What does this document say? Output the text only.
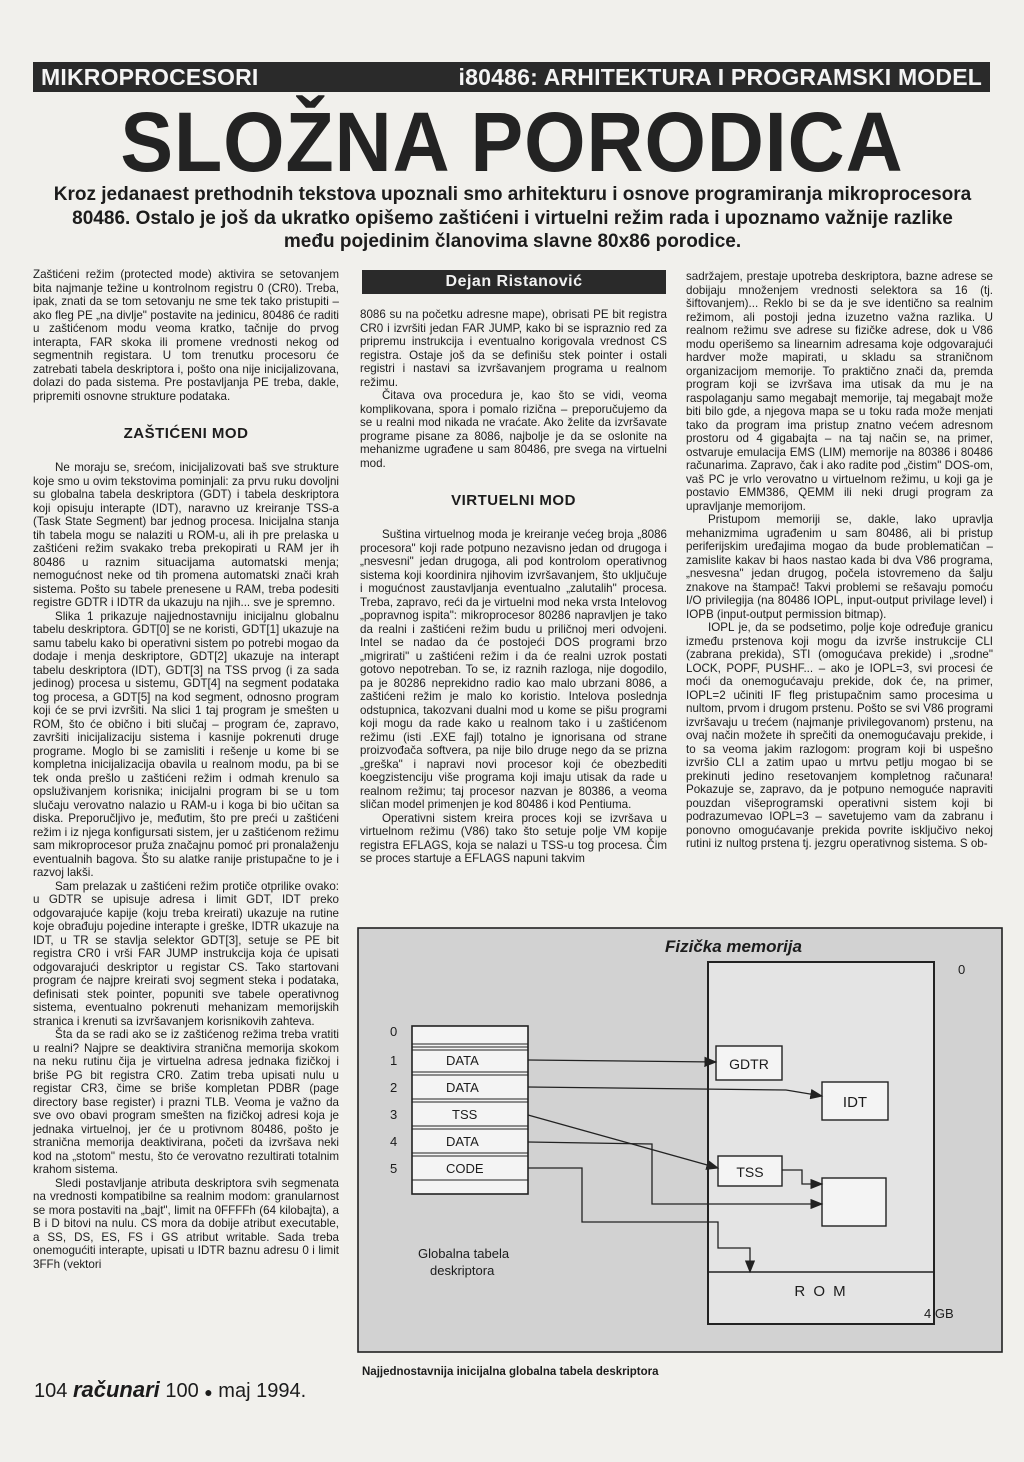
MIKROPROCESORI	i80486: ARHITEKTURA I PROGRAMSKI MODEL
SLOŽNA PORODICA
Kroz jedanaest prethodnih tekstova upoznali smo arhitekturu i osnove programiranja mikroprocesora 80486. Ostalo je još da ukratko opišemo zaštićeni i virtuelni režim rada i upoznamo važnije razlike među pojedinim članovima slavne 80x86 porodice.

Zaštićeni režim (protected mode) aktivira se setovanjem bita najmanje težine u kontrolnom registru 0 (CR0). Treba, ipak, znati da se tom setovanju ne sme tek tako pristupiti – ako fleg PE „na divlje" postavite na jedinicu, 80486 će raditi u zaštićenom modu veoma kratko, tačnije do prvog interapta, FAR skoka ili promene vrednosti nekog od segmentnih registara. U tom trenutku procesoru će zatrebati tabela deskriptora i, pošto ona nije inicijalizovana, dolazi do pada sistema. Pre postavljanja PE treba, dakle, pripremiti osnovne strukture podataka.

ZAŠTIĆENI MOD

Ne moraju se, srećom, inicijalizovati baš sve strukture koje smo u ovim tekstovima pominjali: za prvu ruku dovoljni su globalna tabela deskriptora (GDT) i tabela deskriptora koji opisuju interapte (IDT), naravno uz kreiranje TSS-a (Task State Segment) bar jednog procesa. Inicijalna stanja tih tabela mogu se nalaziti u ROM-u, ali ih pre prelaska u zaštićeni režim svakako treba prekopirati u RAM jer ih 80486 u raznim situacijama automatski menja; nemogućnost neke od tih promena automatski znači krah sistema. Pošto su tabele prenesene u RAM, treba podesiti registre GDTR i IDTR da ukazuju na njih... sve je spremno.

Slika 1 prikazuje najjednostavniju inicijalnu globalnu tabelu deskriptora. GDT[0] se ne koristi, GDT[1] ukazuje na samu tabelu kako bi operativni sistem po potrebi mogao da dodaje i menja deskriptore, GDT[2] ukazuje na interapt tabelu deskriptora (IDT), GDT[3] na TSS prvog (i za sada jedinog) procesa u sistemu, GDT[4] na segment podataka tog procesa, a GDT[5] na kod segment, odnosno program koji će se prvi izvršiti. Na slici 1 taj program je smešten u ROM, što će obično i biti slučaj – program će, zapravo, završiti inicijalizaciju sistema i kasnije pokrenuti druge programe. Moglo bi se zamisliti i rešenje u kome bi se kompletna inicijalizacija obavila u realnom modu, pa bi se tek onda prešlo u zaštićeni režim i odmah krenulo sa opsluživanjem korisnika; inicijalni program bi se u tom slučaju verovatno nalazio u RAM-u i koga bi bio učitan sa diska. Preporučljivo je, međutim, što pre preći u zaštićeni režim i iz njega konfigursati sistem, jer u zaštićenom režimu sam mikroprocesor pruža značajnu pomoć pri pronalaženju eventualnih bagova. Što su alatke ranije pristupačne to je i razvoj lakši.

Sam prelazak u zaštićeni režim protiče otprilike ovako: u GDTR se upisuje adresa i limit GDT, IDT preko odgovarajuće kapije (koju treba kreirati) ukazuje na rutine koje obrađuju pojedine interapte i greške, IDTR ukazuje na IDT, u TR se stavlja selektor GDT[3], setuje se PE bit registra CR0 i vrši FAR JUMP instrukcija koja će upisati odgovarajući deskriptor u registar CS. Tako startovani program će najpre kreirati svoj segment steka i podataka, definisati stek pointer, popuniti sve tabele operativnog sistema, eventualno pokrenuti mehanizam memorijskih stranica i krenuti sa izvršavanjem korisnikovih zahteva.

Šta da se radi ako se iz zaštićenog režima treba vratiti u realni? Najpre se deaktivira stranična memorija skokom na neku rutinu čija je virtuelna adresa jednaka fizičkoj i briše PG bit registra CR0. Zatim treba upisati nulu u registar CR3, čime se briše kompletan PDBR (page directory base register) i prazni TLB. Veoma je važno da sve ovo obavi program smešten na fizičkoj adresi koja je jednaka virtuelnoj, jer će u protivnom 80486, pošto je stranična memorija deaktivirana, početi da izvršava neki kod na „stotom" mestu, što će verovatno rezultirati totalnim krahom sistema.

Sledi postavljanje atributa deskriptora svih segmenata na vrednosti kompatibilne sa realnim modom: granularnost se mora postaviti na „bajt", limit na 0FFFFh (64 kilobajta), a B i D bitovi na nulu. CS mora da dobije atribut executable, a SS, DS, ES, FS i GS atribut writable. Sada treba onemogućiti interapte, upisati u IDTR baznu adresu 0 i limit 3FFh (vektori

Dejan Ristanović

8086 su na početku adresne mape), obrisati PE bit registra CR0 i izvršiti jedan FAR JUMP, kako bi se ispraznio red za pripremu instrukcija i eventualno korigovala vrednost CS registra. Ostaje još da se definišu stek pointer i ostali registri i nastavi sa izvršavanjem programa u realnom režimu.

Čitava ova procedura je, kao što se vidi, veoma komplikovana, spora i pomalo rizična – preporučujemo da se u realni mod nikada ne vraćate. Ako želite da izvršavate programe pisane za 8086, najbolje je da se oslonite na mehanizme ugrađene u sam 80486, pre svega na virtuelni mod.

VIRTUELNI MOD

Suština virtuelnog moda je kreiranje većeg broja „8086 procesora" koji rade potpuno nezavisno jedan od drugoga i „nesvesni" jedan drugoga, ali pod kontrolom operativnog sistema koji koordinira njihovim izvršavanjem, što uključuje i mogućnost zaustavljanja eventualno „zalutalih" procesa. Treba, zapravo, reći da je virtuelni mod neka vrsta Intelovog „popravnog ispita": mikroprocesor 80286 napravljen je tako da realni i zaštićeni režim budu u priličnoj meri odvojeni. Intel se nadao da će postojeći DOS programi brzo „migrirati" u zaštićeni režim i da će realni uzrok postati gotovo nepotreban. To se, iz raznih razloga, nije dogodilo, pa je 80286 neprekidno radio kao malo ubrzani 8086, a zaštićeni režim je malo ko koristio. Intelova poslednja odstupnica, takozvani dualni mod u kome se pišu programi koji mogu da rade kako u realnom tako i u zaštićenom režimu (isti .EXE fajl) totalno je ignorisana od strane proizvođača softvera, pa nije bilo druge nego da se prizna „greška" i napravi novi procesor koji će obezbediti koegzistenciju više programa koji imaju utisak da rade u realnom režimu; taj procesor nazvan je 80386, a veoma sličan model primenjen je kod 80486 i kod Pentiuma.

Operativni sistem kreira proces koji se izvršava u virtuelnom režimu (V86) tako što setuje polje VM kopije registra EFLAGS, koja se nalazi u TSS-u tog procesa. Čim se proces startuje a EFLAGS napuni takvim

sadržajem, prestaje upotreba deskriptora, bazne adrese se dobijaju množenjem vrednosti selektora sa 16 (tj. šiftovanjem)... Reklo bi se da je sve identično sa realnim režimom, ali postoji jedna izuzetno važna razlika. U realnom režimu sve adrese su fizičke adrese, dok u V86 modu operišemo sa linearnim adresama koje odgovarajući hardver može mapirati, u skladu sa straničnom organizacijom memorije. To praktično znači da, premda program koji se izvršava ima utisak da mu je na raspolaganju samo megabajt memorije, taj megabajt može biti bilo gde, a njegova mapa se u toku rada može menjati tako da program ima pristup znatno većem adresnom prostoru od 4 gigabajta – na taj način se, na primer, ostvaruje emulacija EMS (LIM) memorije na 80386 i 80486 računarima. Zapravo, čak i ako radite pod „čistim" DOS-om, vaš PC je vrlo verovatno u virtuelnom režimu, u koji ga je postavio EMM386, QEMM ili neki drugi program za upravljanje memorijom.

Pristupom memoriji se, dakle, lako upravlja mehanizmima ugrađenim u sam 80486, ali bi pristup periferijskim uređajima mogao da bude problematičan – zamislite kakav bi haos nastao kada bi dva V86 programa, „nesvesna" jedan drugog, počela istovremeno da šalju znakove na štampač! Takvi problemi se rešavaju pomoću I/O privilegija (na 80486 IOPL, input-output privilage level) i IOPB (input-output permission bitmap).

IOPL je, da se podsetimo, polje koje određuje granicu između prstenova koji mogu da izvrše instrukcije CLI (zabrana prekida), STI (omogućava prekide) i „srodne" LOCK, POPF, PUSHF... – ako je IOPL=3, svi procesi će moći da onemogućavaju prekide, dok će, na primer, IOPL=2 učiniti IF fleg pristupačnim samo procesima u nultom, prvom i drugom prstenu. Pošto se svi V86 programi izvršavaju u trećem (najmanje privilegovanom) prstenu, na ovaj način možete ih sprečiti da onemogućavaju prekide, i to sa veoma jakim razlogom: program koji bi uspešno izvršio CLI a zatim upao u mrtvu petlju mogao bi se prekinuti jedino resetovanjem kompletnog računara! Pokazuje se, zapravo, da je potpuno nemoguće napraviti pouzdan višeprogramski operativni sistem koji bi podrazumevao IOPL=3 – savetujemo vam da zabranu i ponovno omogućavanje prekida povrite isključivo nekoj rutini iz nultog prstena tj. jezgru operativnog sistema. S ob-

Fizička memorija
0
4 GB
0
1
2
3
4
5
DATA
DATA
TSS
DATA
CODE
Globalna tabela
deskriptora
GDTR
IDT
TSS
R O M
Najjednostavnija inicijalna globalna tabela deskriptora
104 računari 100 ● maj 1994.
